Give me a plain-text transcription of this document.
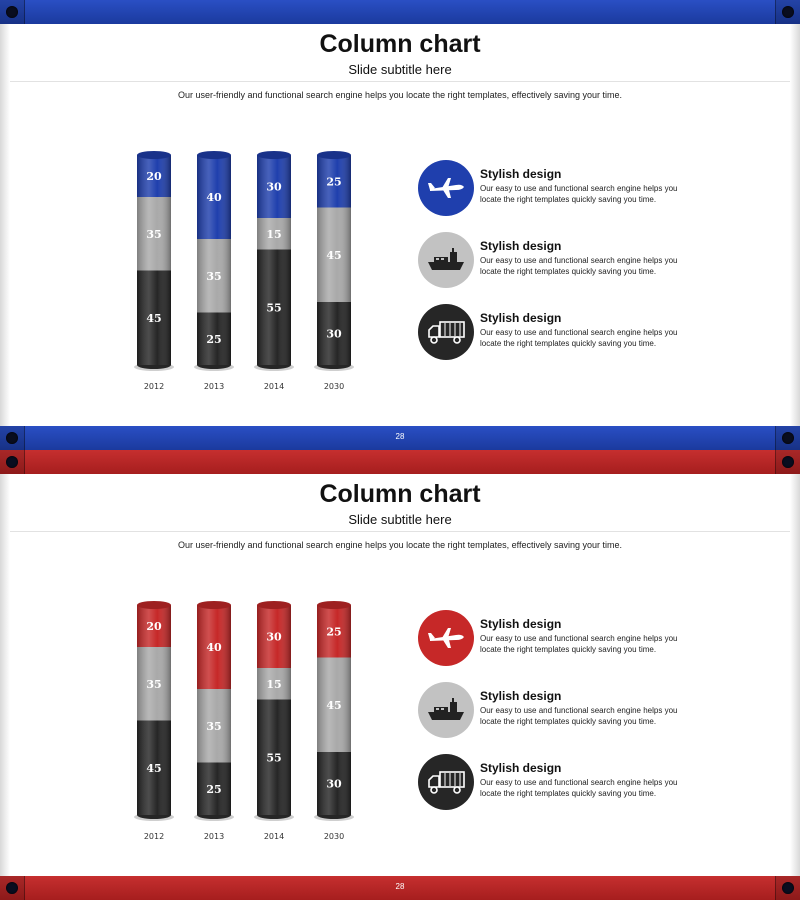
Column chart
Slide subtitle here
Our user-friendly and functional search engine helps you locate the right templates, effectively saving your time.
45
35
20
2012
25
35
40
2013
55
15
30
2014
30
45
25
2030
Stylish design
Our easy to use and functional search engine helps you locate the right templates quickly saving you time.
Stylish design
Our easy to use and functional search engine helps you locate the right templates quickly saving you time.
Stylish design
Our easy to use and functional search engine helps you locate the right templates quickly saving you time.
28
Column chart
Slide subtitle here
Our user-friendly and functional search engine helps you locate the right templates, effectively saving your time.
45
35
20
2012
25
35
40
2013
55
15
30
2014
30
45
25
2030
Stylish design
Our easy to use and functional search engine helps you locate the right templates quickly saving you time.
Stylish design
Our easy to use and functional search engine helps you locate the right templates quickly saving you time.
Stylish design
Our easy to use and functional search engine helps you locate the right templates quickly saving you time.
28
